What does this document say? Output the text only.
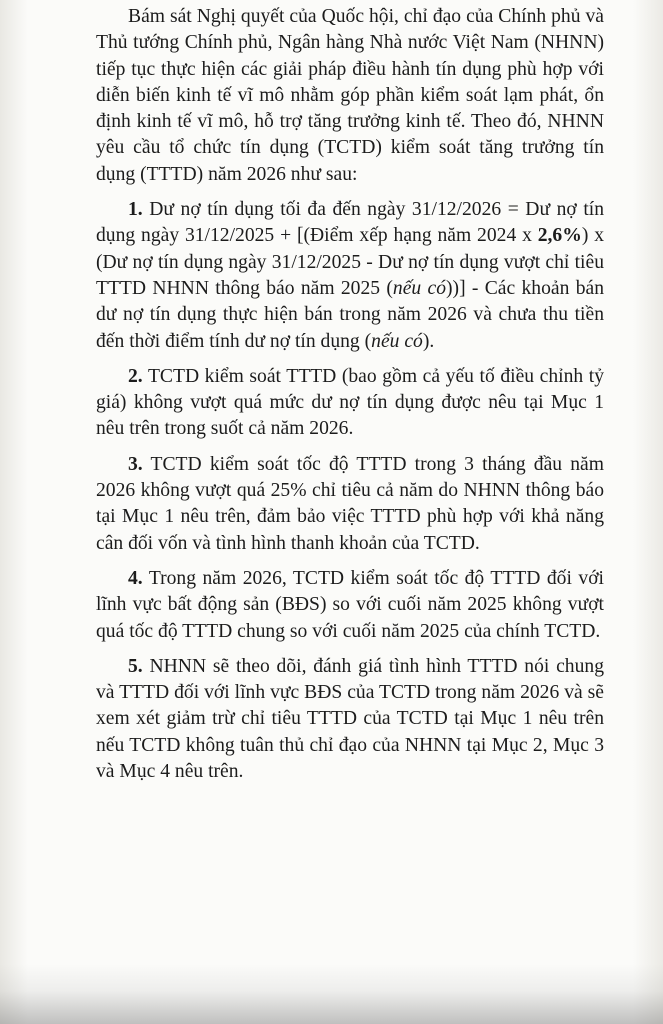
Bám sát Nghị quyết của Quốc hội, chỉ đạo của Chính phủ và Thủ tướng Chính phủ, Ngân hàng Nhà nước Việt Nam (NHNN) tiếp tục thực hiện các giải pháp điều hành tín dụng phù hợp với diễn biến kinh tế vĩ mô nhằm góp phần kiểm soát lạm phát, ổn định kinh tế vĩ mô, hỗ trợ tăng trưởng kinh tế. Theo đó, NHNN yêu cầu tổ chức tín dụng (TCTD) kiểm soát tăng trưởng tín dụng (TTTD) năm 2026 như sau:

1. Dư nợ tín dụng tối đa đến ngày 31/12/2026 = Dư nợ tín dụng ngày 31/12/2025 + [(Điểm xếp hạng năm 2024 x 2,6%) x (Dư nợ tín dụng ngày 31/12/2025 - Dư nợ tín dụng vượt chỉ tiêu TTTD NHNN thông báo năm 2025 (nếu có))] - Các khoản bán dư nợ tín dụng thực hiện bán trong năm 2026 và chưa thu tiền đến thời điểm tính dư nợ tín dụng (nếu có).

2. TCTD kiểm soát TTTD (bao gồm cả yếu tố điều chỉnh tỷ giá) không vượt quá mức dư nợ tín dụng được nêu tại Mục 1 nêu trên trong suốt cả năm 2026.

3. TCTD kiểm soát tốc độ TTTD trong 3 tháng đầu năm 2026 không vượt quá 25% chỉ tiêu cả năm do NHNN thông báo tại Mục 1 nêu trên, đảm bảo việc TTTD phù hợp với khả năng cân đối vốn và tình hình thanh khoản của TCTD.

4. Trong năm 2026, TCTD kiểm soát tốc độ TTTD đối với lĩnh vực bất động sản (BĐS) so với cuối năm 2025 không vượt quá tốc độ TTTD chung so với cuối năm 2025 của chính TCTD.

5. NHNN sẽ theo dõi, đánh giá tình hình TTTD nói chung và TTTD đối với lĩnh vực BĐS của TCTD trong năm 2026 và sẽ xem xét giảm trừ chỉ tiêu TTTD của TCTD tại Mục 1 nêu trên nếu TCTD không tuân thủ chỉ đạo của NHNN tại Mục 2, Mục 3 và Mục 4 nêu trên.
